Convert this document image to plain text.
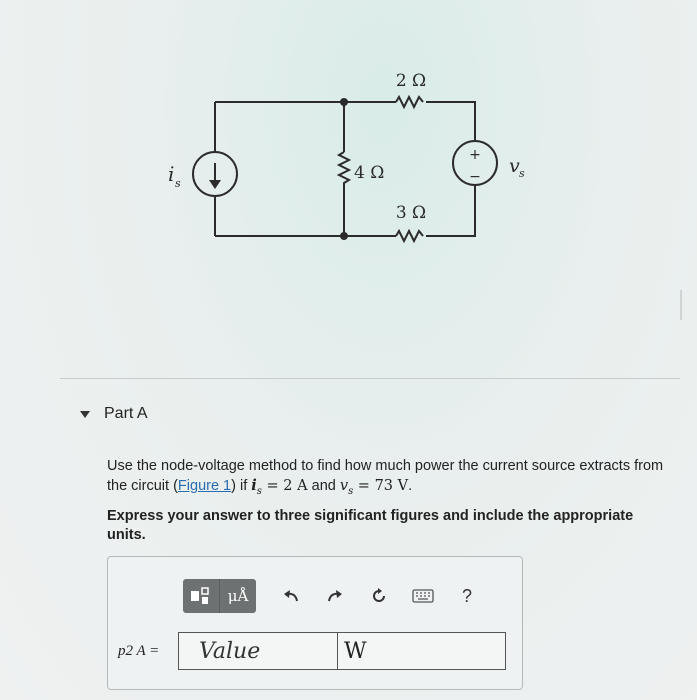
+
−
2 Ω
4 Ω
3 Ω
i s
v s
Part A
Use the node-voltage method to find how much power the current source extracts from the circuit (Figure 1) if $i_s = 2$ A and $v_s = 73$ V.
Express your answer to three significant figures and include the appropriate units.
μÅ	?
p2 A =	Value	W
